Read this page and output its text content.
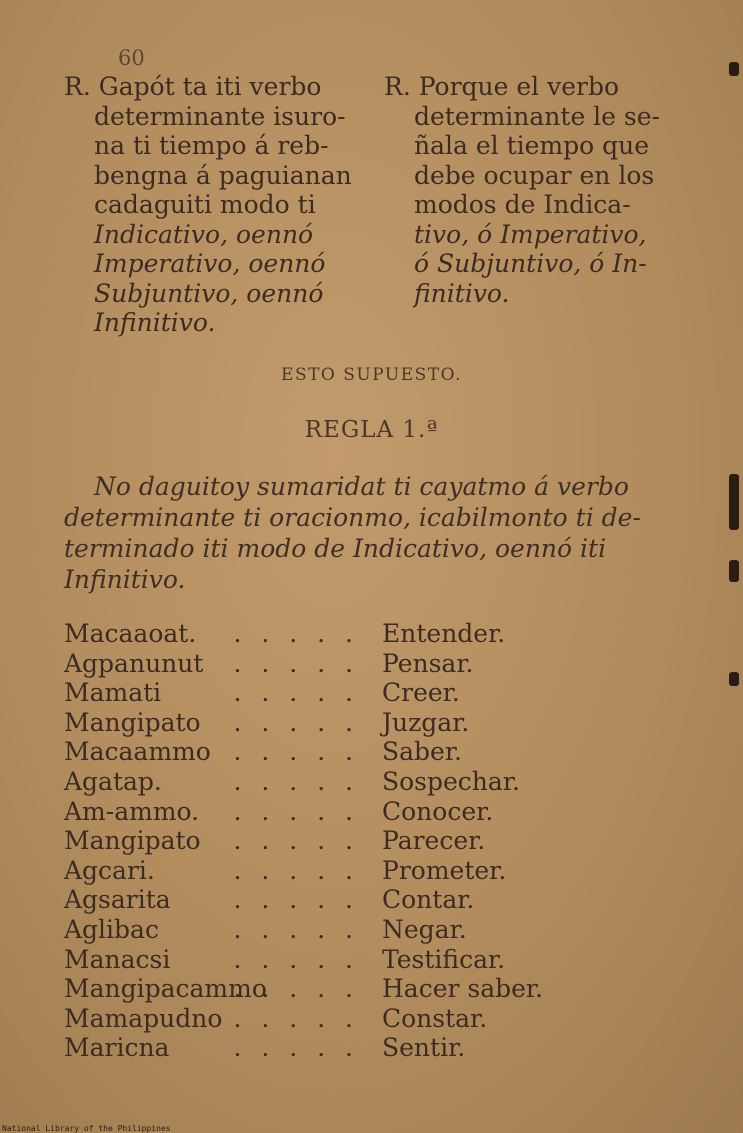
60
R. Gapót ta iti verbo
determinante isuro-
na ti tiempo á reb-
bengna á paguianan
cadaguiti modo ti
Indicativo, oennó
Imperativo, oennó
Subjuntivo, oennó
Infinitivo.
R. Porque el verbo
determinante le se-
ñala el tiempo que
debe ocupar en los
modos de Indica-
tivo, ó Imperativo,
ó Subjuntivo, ó In-
finitivo.
ESTO SUPUESTO.
REGLA 1.ª
No daguitoy sumaridat ti cayatmo á verbo
determinante ti oracionmo, icabilmonto ti de-
terminado iti modo de Indicativo, oennó iti
Infinitivo.
. . . . .
Macaaoat.	Entender.
. . . . .
Agpanunut	Pensar.
. . . . .
Mamati	Creer.
. . . . .
Mangipato	Juzgar.
. . . . .
Macaammo	Saber.
. . . . .
Agatap.	Sospechar.
. . . . .
Am-ammo.	Conocer.
. . . . .
Mangipato	Parecer.
. . . . .
Agcari.	Prometer.
. . . . .
Agsarita	Contar.
. . . . .
Aglibac	Negar.
. . . . .
Manacsi	Testificar.
. . . . .
Mangipacammo	Hacer saber.
. . . . .
Mamapudno	Constar.
. . . . .
Maricna	Sentir.
National Library of the Philippines
